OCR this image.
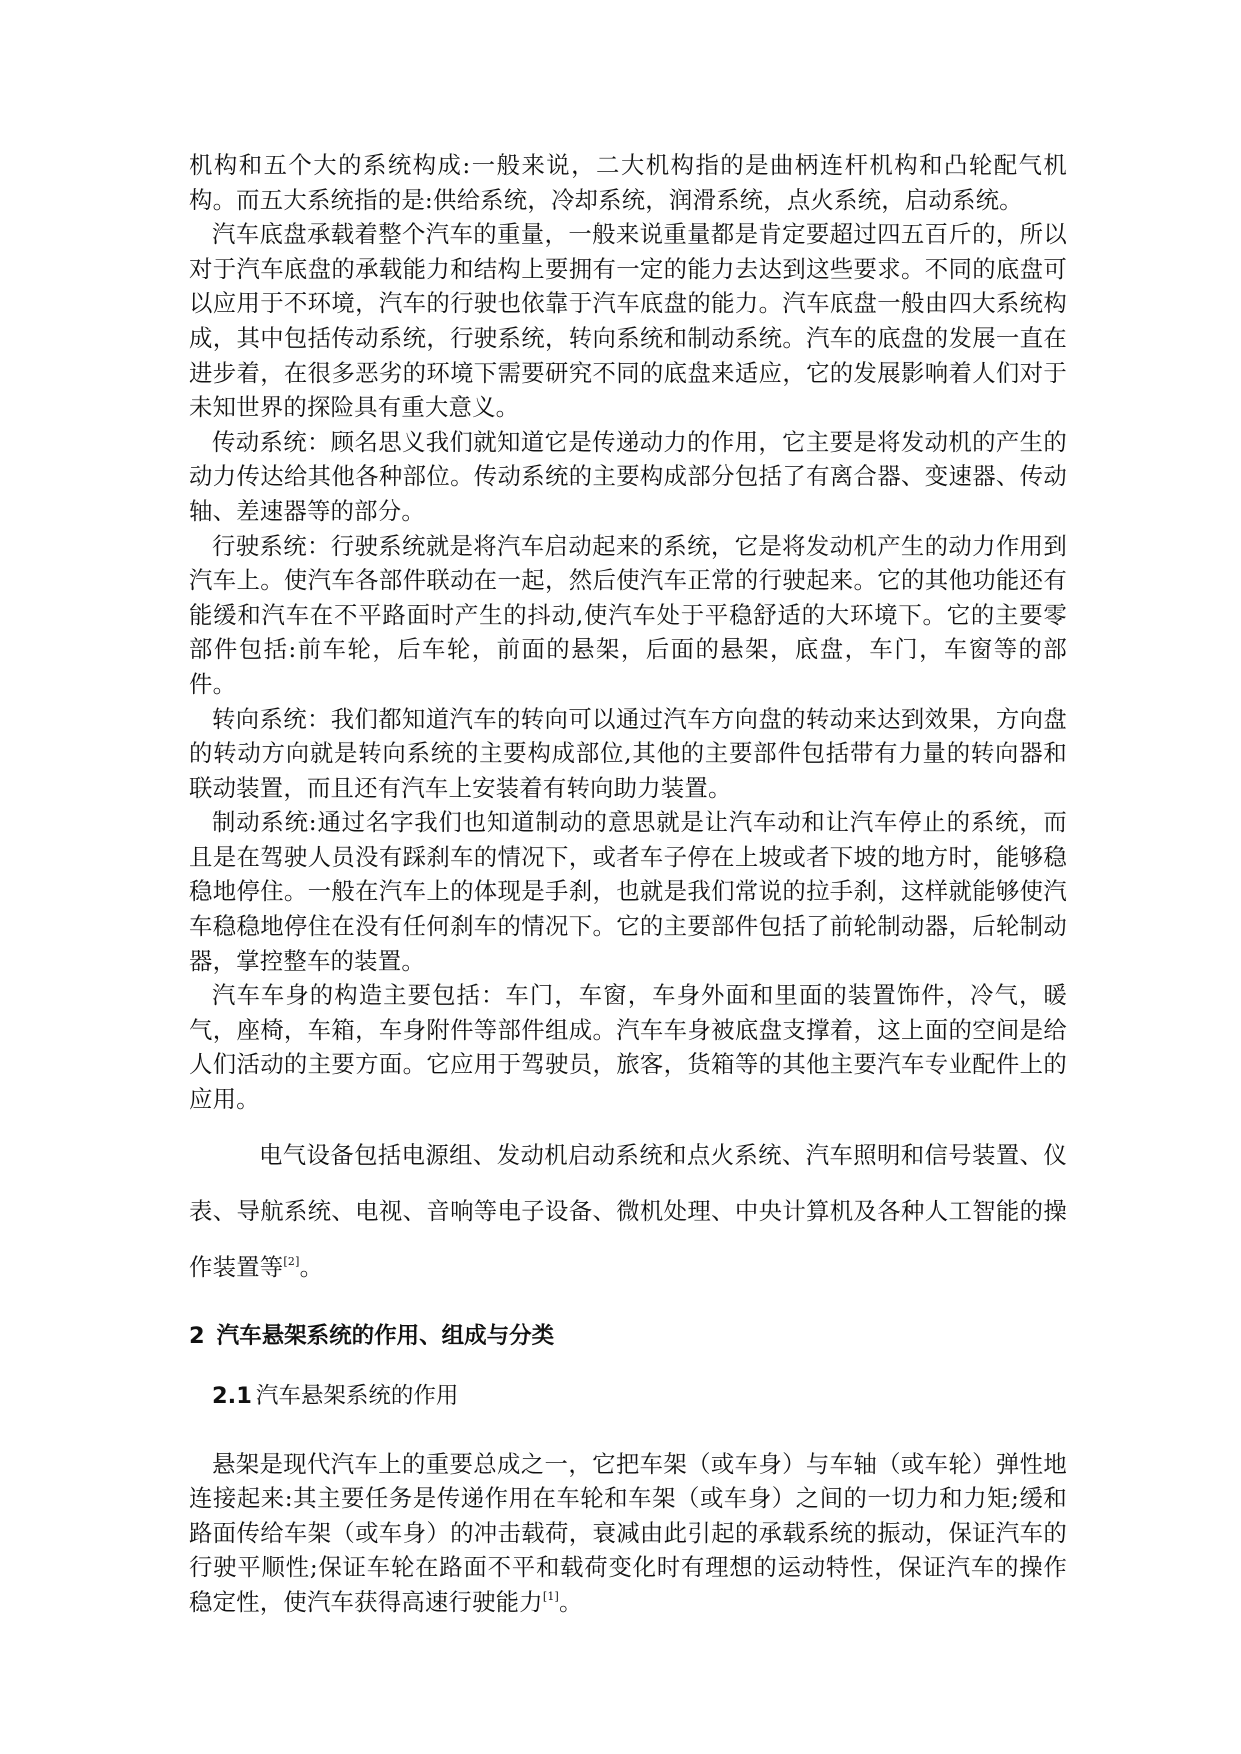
机构和五个大的系统构成:一般来说，二大机构指的是曲柄连杆机构和凸轮配气机构。而五大系统指的是:供给系统，冷却系统，润滑系统，点火系统，启动系统。

汽车底盘承载着整个汽车的重量，一般来说重量都是肯定要超过四五百斤的，所以对于汽车底盘的承载能力和结构上要拥有一定的能力去达到这些要求。不同的底盘可以应用于不环境，汽车的行驶也依靠于汽车底盘的能力。汽车底盘一般由四大系统构成，其中包括传动系统，行驶系统，转向系统和制动系统。汽车的底盘的发展一直在进步着，在很多恶劣的环境下需要研究不同的底盘来适应，它的发展影响着人们对于未知世界的探险具有重大意义。

传动系统：顾名思义我们就知道它是传递动力的作用，它主要是将发动机的产生的动力传达给其他各种部位。传动系统的主要构成部分包括了有离合器、变速器、传动轴、差速器等的部分。

行驶系统：行驶系统就是将汽车启动起来的系统，它是将发动机产生的动力作用到汽车上。使汽车各部件联动在一起，然后使汽车正常的行驶起来。它的其他功能还有能缓和汽车在不平路面时产生的抖动,使汽车处于平稳舒适的大环境下。它的主要零部件包括:前车轮，后车轮，前面的悬架，后面的悬架，底盘，车门，车窗等的部件。

转向系统：我们都知道汽车的转向可以通过汽车方向盘的转动来达到效果，方向盘的转动方向就是转向系统的主要构成部位,其他的主要部件包括带有力量的转向器和联动装置，而且还有汽车上安装着有转向助力装置。

制动系统:通过名字我们也知道制动的意思就是让汽车动和让汽车停止的系统，而且是在驾驶人员没有踩刹车的情况下，或者车子停在上坡或者下坡的地方时，能够稳稳地停住。一般在汽车上的体现是手刹，也就是我们常说的拉手刹，这样就能够使汽车稳稳地停住在没有任何刹车的情况下。它的主要部件包括了前轮制动器，后轮制动器，掌控整车的装置。

汽车车身的构造主要包括：车门，车窗，车身外面和里面的装置饰件，冷气，暖气，座椅，车箱，车身附件等部件组成。汽车车身被底盘支撑着，这上面的空间是给人们活动的主要方面。它应用于驾驶员，旅客，货箱等的其他主要汽车专业配件上的应用。

电气设备包括电源组、发动机启动系统和点火系统、汽车照明和信号装置、仪表、导航系统、电视、音响等电子设备、微机处理、中央计算机及各种人工智能的操作装置等[2]。

2 汽车悬架系统的作用、组成与分类
2.1 汽车悬架系统的作用

悬架是现代汽车上的重要总成之一，它把车架（或车身）与车轴（或车轮）弹性地连接起来:其主要任务是传递作用在车轮和车架（或车身）之间的一切力和力矩;缓和路面传给车架（或车身）的冲击载荷，衰减由此引起的承载系统的振动，保证汽车的行驶平顺性;保证车轮在路面不平和载荷变化时有理想的运动特性，保证汽车的操作稳定性，使汽车获得高速行驶能力[1]。
